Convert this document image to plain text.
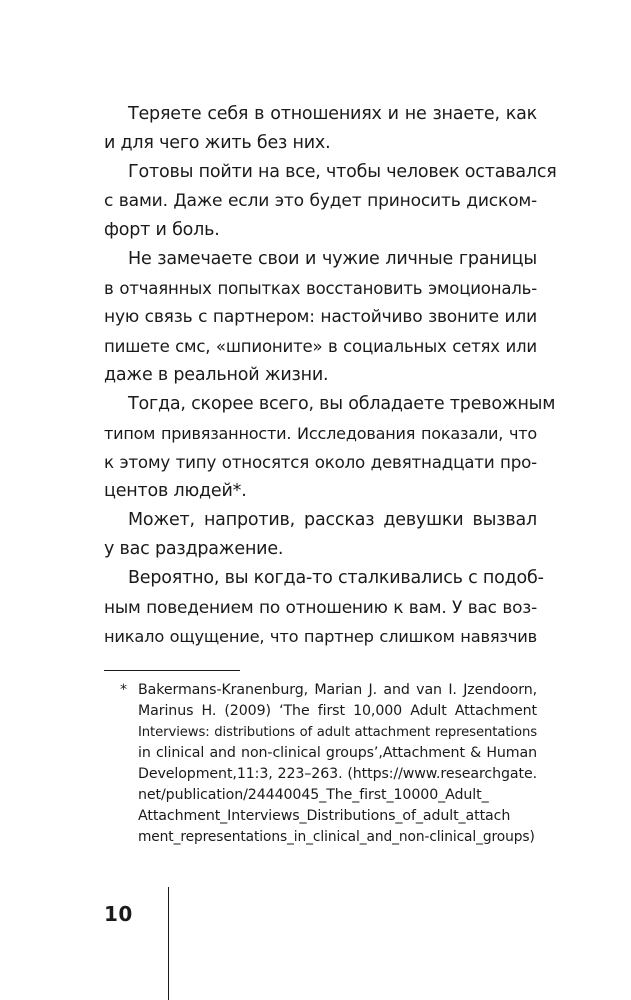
Теряете себя в отношениях и не знаете, как
и для чего жить без них.
Готовы пойти на все, чтобы человек оставался
с вами. Даже если это будет приносить диском-
форт и боль.
Не замечаете свои и чужие личные границы
в отчаянных попытках восстановить эмоциональ-
ную связь с партнером: настойчиво звоните или
пишете смс, «шпионите» в социальных сетях или
даже в реальной жизни.
Тогда, скорее всего, вы обладаете тревожным
типом привязанности. Исследования показали, что
к этому типу относятся около девятнадцати про-
центов людей*.
Может, напротив, рассказ девушки вызвал
у вас раздражение.
Вероятно, вы когда-то сталкивались с подоб-
ным поведением по отношению к вам. У вас воз-
никало ощущение, что партнер слишком навязчив
* Bakermans-Kranenburg, Marian J. and van I. Jzendoorn,
Marinus H. (2009) ‘The first 10,000 Adult Attachment
Interviews: distributions of adult attachment representations
in clinical and non-clinical groups’,Attachment & Human
Development,11:3, 223–263. (https://www.researchgate.
net/publication/24440045_The_first_10000_Adult_
Attachment_Interviews_Distributions_of_adult_attach
ment_representations_in_clinical_and_non-clinical_groups)
10
